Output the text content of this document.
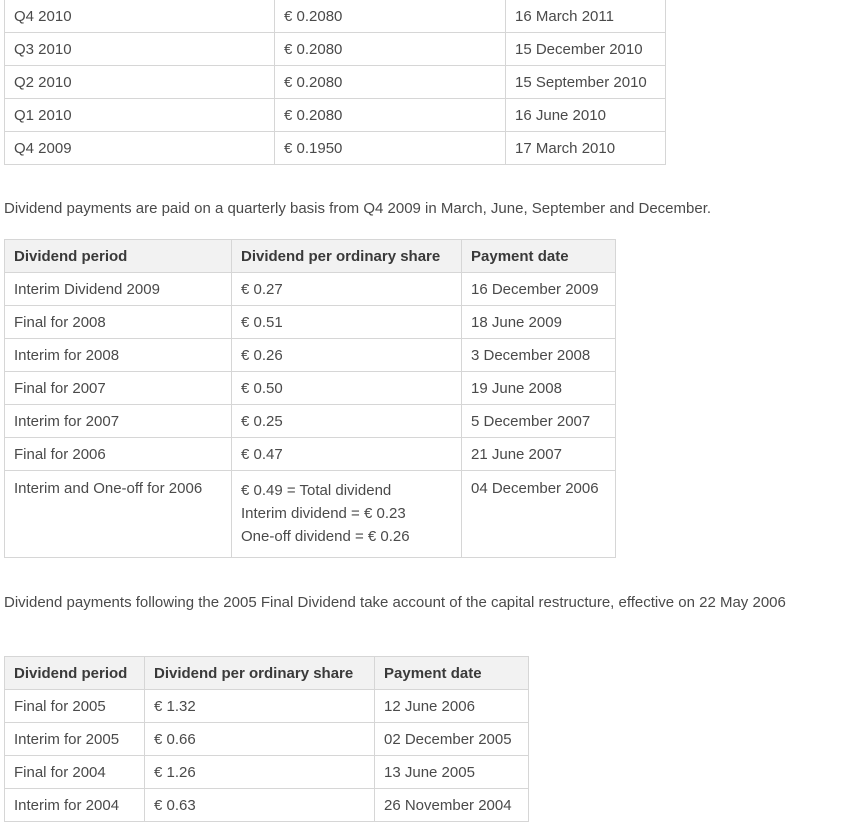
Q4 2010	€ 0.2080	16 March 2011
Q3 2010	€ 0.2080	15 December 2010
Q2 2010	€ 0.2080	15 September 2010
Q1 2010	€ 0.2080	16 June 2010
Q4 2009	€ 0.1950	17 March 2010

Dividend payments are paid on a quarterly basis from Q4 2009 in March, June, September and December.

Dividend period	Dividend per ordinary share	Payment date
Interim Dividend 2009	€ 0.27	16 December 2009
Final for 2008	€ 0.51	18 June 2009
Interim for 2008	€ 0.26	3 December 2008
Final for 2007	€ 0.50	19 June 2008
Interim for 2007	€ 0.25	5 December 2007
Final for 2006	€ 0.47	21 June 2007
Interim and One-off for 2006	€ 0.49 = Total dividend
Interim dividend = € 0.23
One-off dividend = € 0.26	04 December 2006

Dividend payments following the 2005 Final Dividend take account of the capital restructure, effective on 22 May 2006

Dividend period	Dividend per ordinary share	Payment date
Final for 2005	€ 1.32	12 June 2006
Interim for 2005	€ 0.66	02 December 2005
Final for 2004	€ 1.26	13 June 2005
Interim for 2004	€ 0.63	26 November 2004
